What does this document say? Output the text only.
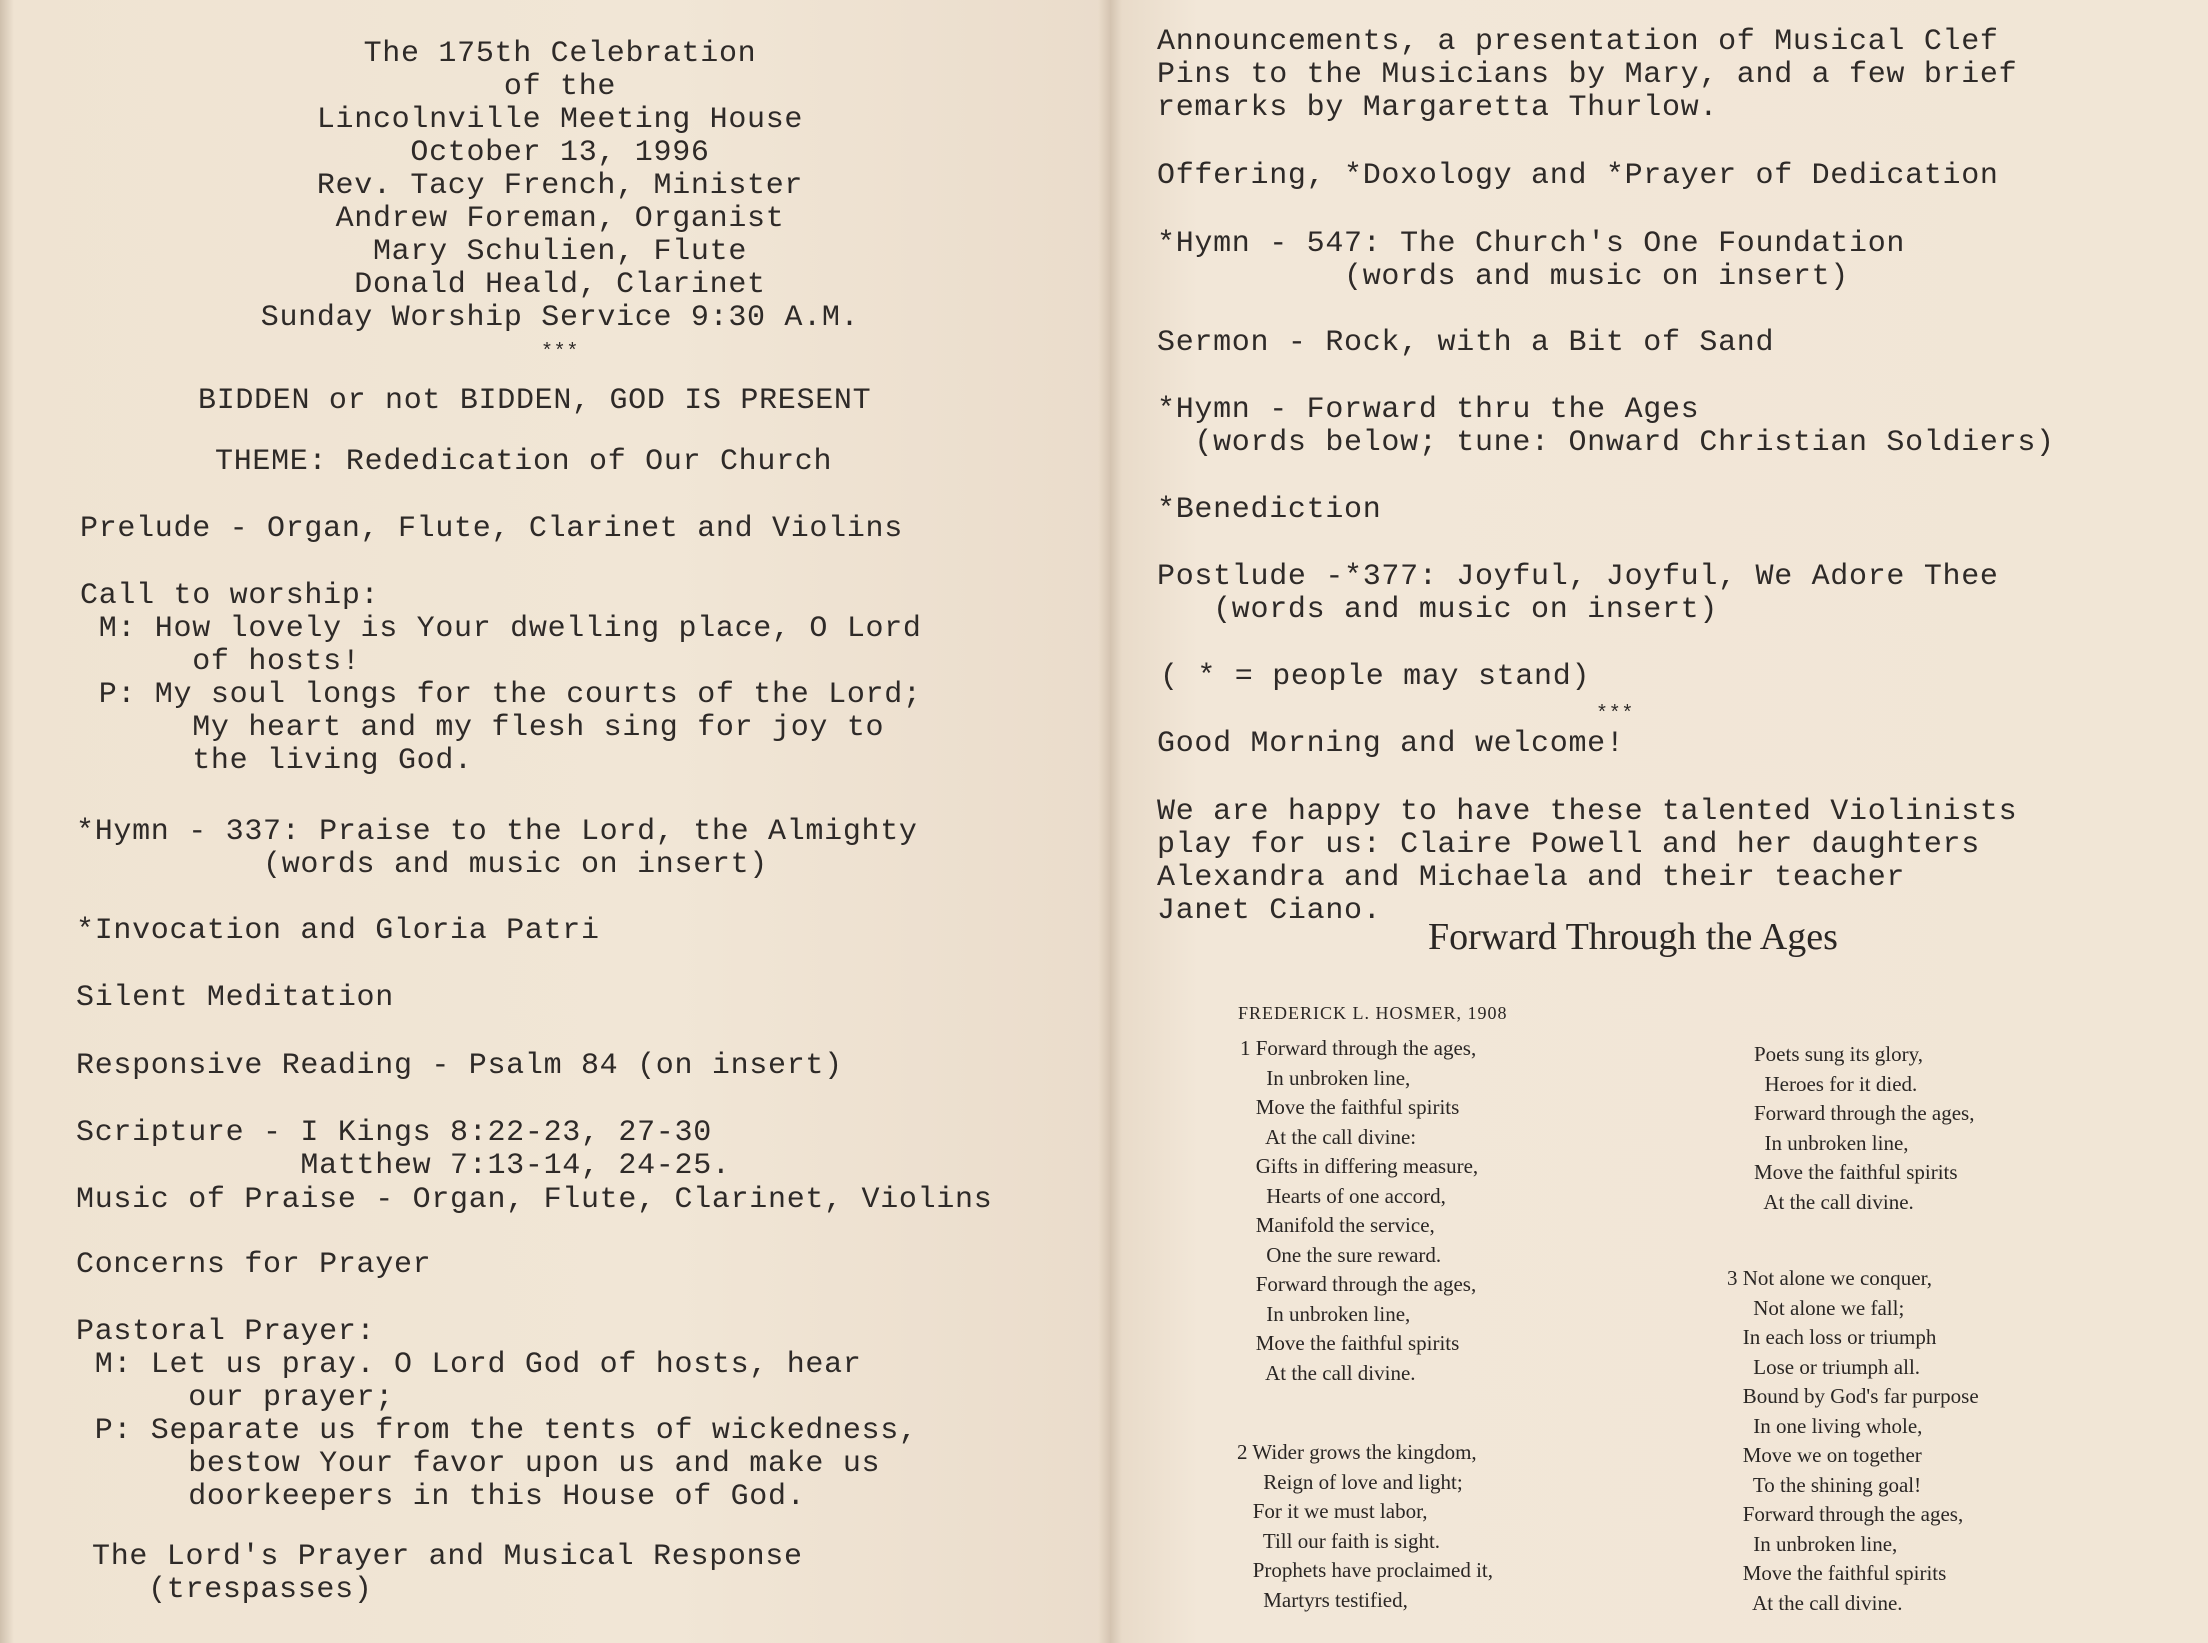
The 175th Celebration

of the

Lincolnville Meeting House

October 13, 1996

Rev. Tacy French, Minister

Andrew Foreman, Organist

Mary Schulien, Flute

Donald Heald, Clarinet

Sunday Worship Service 9:30 A.M.

***

BIDDEN or not BIDDEN, GOD IS PRESENT

THEME: Rededication of Our Church

Prelude - Organ, Flute, Clarinet and Violins

Call to worship:
M: How lovely is Your dwelling place, O Lord
of hosts!
P: My soul longs for the courts of the Lord;
My heart and my flesh sing for joy to
the living God.

*Hymn - 337: Praise to the Lord, the Almighty
(words and music on insert)

*Invocation and Gloria Patri

Silent Meditation

Responsive Reading - Psalm 84 (on insert)

Scripture - I Kings 8:22-23, 27-30
Matthew 7:13-14, 24-25.

Music of Praise - Organ, Flute, Clarinet, Violins

Concerns for Prayer

Pastoral Prayer:
M: Let us pray. O Lord God of hosts, hear
our prayer;
P: Separate us from the tents of wickedness,
bestow Your favor upon us and make us
doorkeepers in this House of God.

The Lord's Prayer and Musical Response
(trespasses)

Announcements, a presentation of Musical Clef
Pins to the Musicians by Mary, and a few brief
remarks by Margaretta Thurlow.

Offering, *Doxology and *Prayer of Dedication

*Hymn - 547: The Church's One Foundation
(words and music on insert)

Sermon - Rock, with a Bit of Sand

*Hymn - Forward thru the Ages
(words below; tune: Onward Christian Soldiers)

*Benediction

Postlude -*377: Joyful, Joyful, We Adore Thee
(words and music on insert)

( * = people may stand)

***

Good Morning and welcome!

We are happy to have these talented Violinists
play for us: Claire Powell and her daughters
Alexandra and Michaela and their teacher
Janet Ciano.

Forward Through the Ages

FREDERICK L. HOSMER, 1908

1 Forward through the ages,
In unbroken line,
Move the faithful spirits
At the call divine:
Gifts in differing measure,
Hearts of one accord,
Manifold the service,
One the sure reward.
Forward through the ages,
In unbroken line,
Move the faithful spirits
At the call divine.

2 Wider grows the kingdom,
Reign of love and light;
For it we must labor,
Till our faith is sight.
Prophets have proclaimed it,
Martyrs testified,

Poets sung its glory,
Heroes for it died.
Forward through the ages,
In unbroken line,
Move the faithful spirits
At the call divine.

3 Not alone we conquer,
Not alone we fall;
In each loss or triumph
Lose or triumph all.
Bound by God's far purpose
In one living whole,
Move we on together
To the shining goal!
Forward through the ages,
In unbroken line,
Move the faithful spirits
At the call divine.
